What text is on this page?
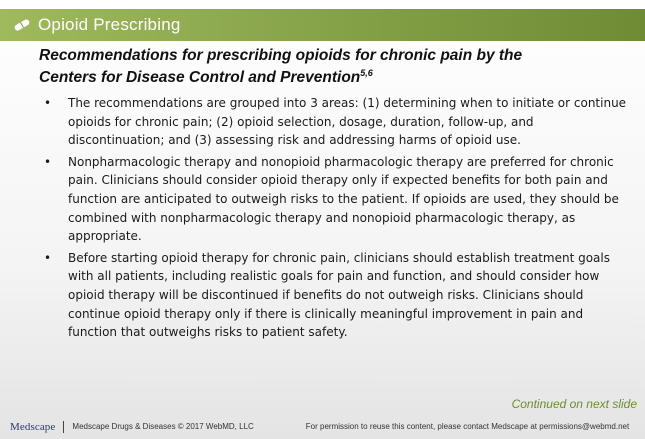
Opioid Prescribing
Recommendations for prescribing opioids for chronic pain by the
Centers for Disease Control and Prevention$^{5,6}$
• The recommendations are grouped into 3 areas: (1) determining when to initiate or continue opioids for chronic pain; (2) opioid selection, dosage, duration, follow-up, and discontinuation; and (3) assessing risk and addressing harms of opioid use.
• Nonpharmacologic therapy and nonopioid pharmacologic therapy are preferred for chronic pain. Clinicians should consider opioid therapy only if expected benefits for both pain and function are anticipated to outweigh risks to the patient. If opioids are used, they should be combined with nonpharmacologic therapy and nonopioid pharmacologic therapy, as appropriate.
• Before starting opioid therapy for chronic pain, clinicians should establish treatment goals with all patients, including realistic goals for pain and function, and should consider how opioid therapy will be discontinued if benefits do not outweigh risks. Clinicians should continue opioid therapy only if there is clinically meaningful improvement in pain and function that outweighs risks to patient safety.
Continued on next slide
Medscape Medscape Drugs & Diseases © 2017 WebMD, LLC	For permission to reuse this content, please contact Medscape at permissions@webmd.net
